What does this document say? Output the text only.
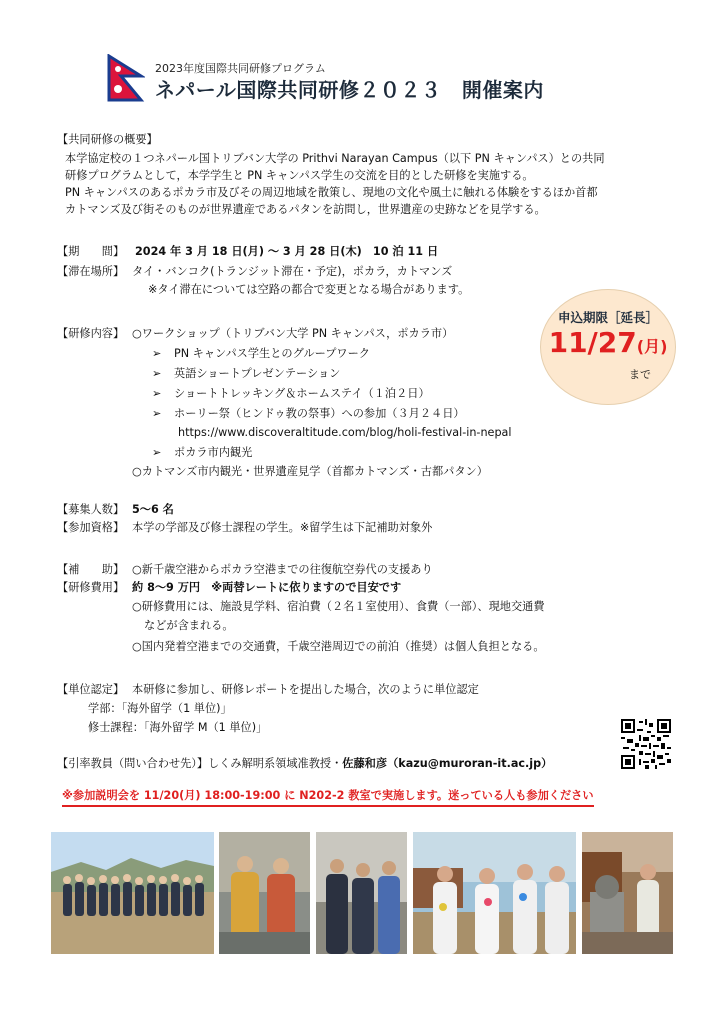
2023年度国際共同研修プログラム
ネパール国際共同研修２０２３　開催案内
【共同研修の概要】
本学協定校の１つネパール国トリブバン大学の Prithvi Narayan Campus（以下 PN キャンパス）との共同
研修プログラムとして，本学学生と PN キャンパス学生の交流を目的とした研修を実施する。
PN キャンパスのあるポカラ市及びその周辺地域を散策し、現地の文化や風土に触れる体験をするほか首都
カトマンズ及び街そのものが世界遺産であるパタンを訪問し，世界遺産の史跡などを見学する。
【期　　間】 2024 年 3 月 18 日(月) ～ 3 月 28 日(木)　10 泊 11 日
【滞在場所】 タイ・バンコク(トランジット滞在・予定)，ポカラ，カトマンズ
※タイ滞在については空路の都合で変更となる場合があります。
申込期限［延長］
11/27(月)
まで
【研修内容】 ○ワークショップ（トリブバン大学 PN キャンパス，ポカラ市）
➢ PN キャンパス学生とのグループワーク
➢ 英語ショートプレゼンテーション
➢ ショートトレッキング＆ホームステイ（１泊２日）
➢ ホーリー祭（ヒンドゥ教の祭事）への参加（３月２４日）
https://www.discoveraltitude.com/blog/holi-festival-in-nepal
➢ ポカラ市内観光
○カトマンズ市内観光・世界遺産見学（首都カトマンズ・古都パタン）
【募集人数】 5～6 名
【参加資格】 本学の学部及び修士課程の学生。※留学生は下記補助対象外
【補　　助】 ○新千歳空港からポカラ空港までの往復航空券代の支援あり
【研修費用】 約 8～9 万円　※両替レートに依りますので目安です
○研修費用には、施設見学料、宿泊費（２名１室使用）、食費（一部）、現地交通費
などが含まれる。
○国内発着空港までの交通費，千歳空港周辺での前泊（推奨）は個人負担となる。
【単位認定】 本研修に参加し、研修レポートを提出した場合，次のように単位認定
学部：「海外留学（1 単位)」
修士課程：「海外留学 M（1 単位)」
【引率教員（問い合わせ先）】しくみ解明系領域准教授・佐藤和彦（kazu@muroran-it.ac.jp）
※参加説明会を 11/20(月) 18:00-19:00 に N202-2 教室で実施します。迷っている人も参加ください
